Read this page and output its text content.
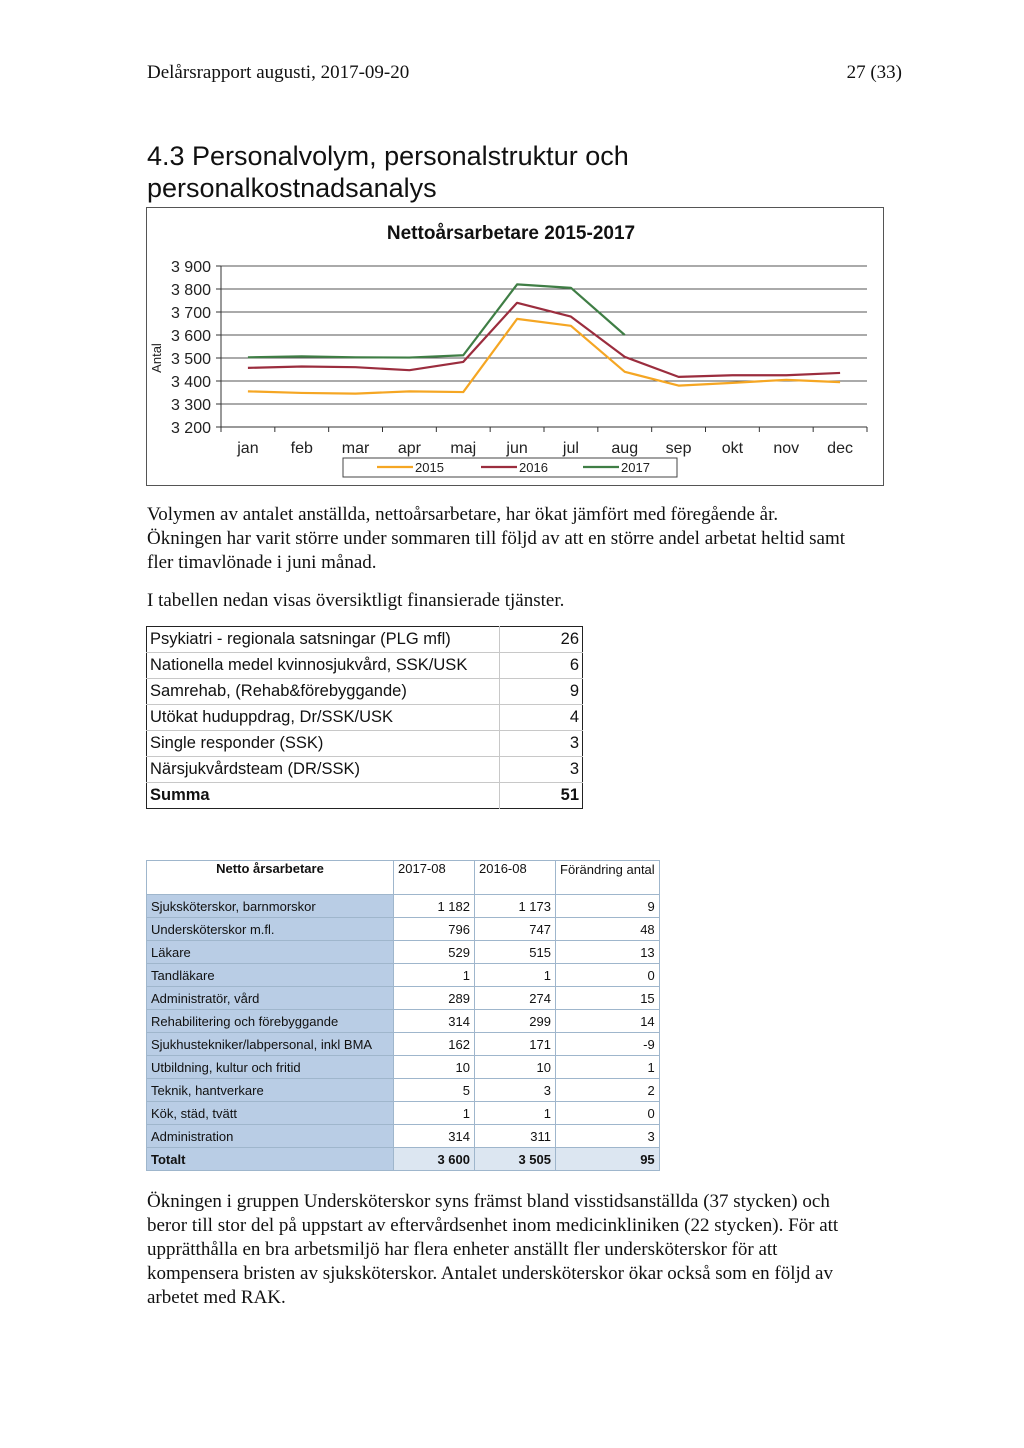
Delårsrapport augusti, 2017-09-20	27 (33)
4.3 Personalvolym, personalstruktur och personalkostnadsanalys
Nettoårsarbetare 2015-2017
3 900
3 800
3 700
3 600
3 500
3 400
3 300
3 200
Antal
jan feb mar apr maj jun jul aug sep okt nov dec
2015	2016	2017

Volymen av antalet anställda, nettoårsarbetare, har ökat jämfört med föregående år. Ökningen har varit större under sommaren till följd av att en större andel arbetat heltid samt fler timavlönade i juni månad.

I tabellen nedan visas översiktligt finansierade tjänster.

Psykiatri - regionala satsningar (PLG mfl)	26
Nationella medel kvinnosjukvård, SSK/USK	6
Samrehab, (Rehab&förebyggande)	9
Utökat huduppdrag, Dr/SSK/USK	4
Single responder (SSK)	3
Närsjukvårdsteam (DR/SSK)	3
Summa	51
Netto årsarbetare	2017-08	2016-08	Förändring antal
Sjuksköterskor, barnmorskor	1 182	1 173	9
Undersköterskor m.fl.	796	747	48
Läkare	529	515	13
Tandläkare	1	1	0
Administratör, vård	289	274	15
Rehabilitering och förebyggande	314	299	14
Sjukhustekniker/labpersonal, inkl BMA	162	171	-9
Utbildning, kultur och fritid	10	10	1
Teknik, hantverkare	5	3	2
Kök, städ, tvätt	1	1	0
Administration	314	311	3
Totalt	3 600	3 505	95

Ökningen i gruppen Undersköterskor syns främst bland visstidsanställda (37 stycken) och beror till stor del på uppstart av eftervårdsenhet inom medicinkliniken (22 stycken). För att upprätthålla en bra arbetsmiljö har flera enheter anställt fler undersköterskor för att kompensera bristen av sjuksköterskor. Antalet undersköterskor ökar också som en följd av arbetet med RAK.
